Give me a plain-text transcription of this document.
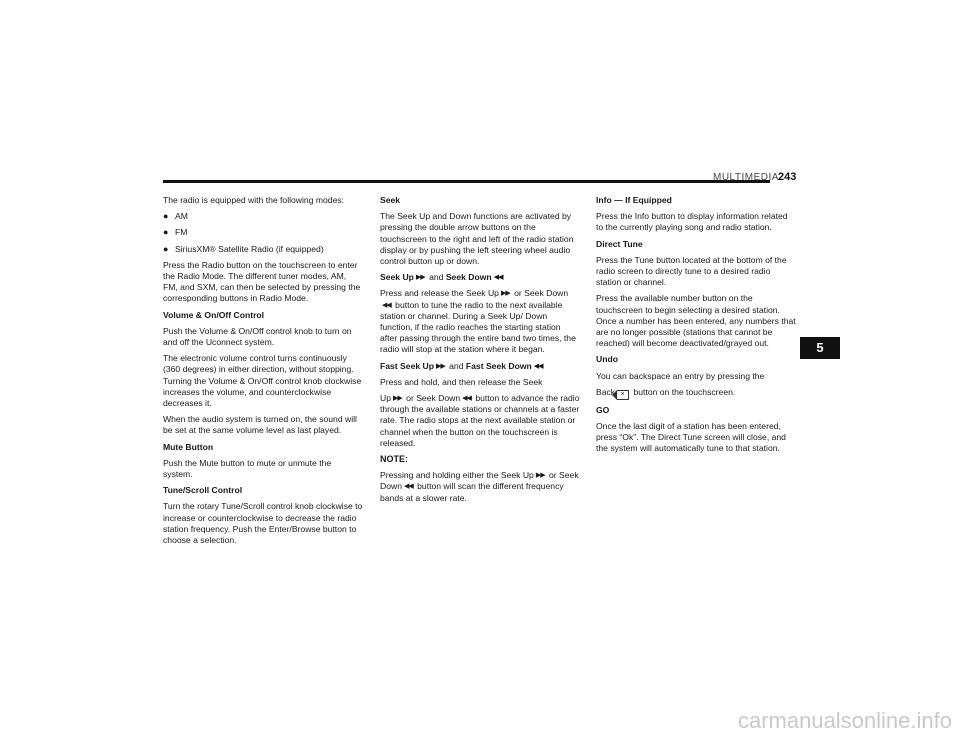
MULTIMEDIA 243

The radio is equipped with the following modes:

● AM
● FM
● SiriusXM® Satellite Radio (if equipped)

Press the Radio button on the touchscreen to enter the Radio Mode. The different tuner modes, AM, FM, and SXM, can then be selected by pressing the corresponding buttons in Radio Mode.

Volume & On/Off Control

Push the Volume & On/Off control knob to turn on and off the Uconnect system.

The electronic volume control turns continuously (360 degrees) in either direction, without stopping. Turning the Volume & On/Off control knob clockwise increases the volume, and counterclockwise decreases it.

When the audio system is turned on, the sound will be set at the same volume level as last played.

Mute Button

Push the Mute button to mute or unmute the system.

Tune/Scroll Control

Turn the rotary Tune/Scroll control knob clockwise to increase or counterclockwise to decrease the radio station frequency. Push the Enter/Browse button to choose a selection.

Seek

The Seek Up and Down functions are activated by pressing the double arrow buttons on the touchscreen to the right and left of the radio station display or by pushing the left steering wheel audio control button up or down.

Seek Up ▶▶ and Seek Down ◀◀

Press and release the Seek Up ▶▶ or Seek Down◀◀ button to tune the radio to the next available station or channel. During a Seek Up/ Down function, if the radio reaches the starting station after passing through the entire band two times, the radio will stop at the station where it began.

Fast Seek Up ▶▶ and Fast Seek Down ◀◀

Press and hold, and then release the Seek

Up ▶▶ or Seek Down ◀◀ button to advance the radio through the available stations or channels at a faster rate. The radio stops at the next available station or channel when the button on the touchscreen is released.

NOTE:

Pressing and holding either the Seek Up ▶▶ or Seek Down ◀◀ button will scan the different frequency bands at a slower rate.

Info — If Equipped

Press the Info button to display information related to the currently playing song and radio station.

Direct Tune

Press the Tune button located at the bottom of the radio screen to directly tune to a desired radio station or channel.

Press the available number button on the touchscreen to begin selecting a desired station. Once a number has been entered, any numbers that are no longer possible (stations that cannot be reached) will become deactivated/grayed out.

Undo

You can backspace an entry by pressing the

Back × button on the touchscreen.

GO

Once the last digit of a station has been entered, press “Ok”. The Direct Tune screen will close, and the system will automatically tune to that station.

5
carmanualsonline.info
